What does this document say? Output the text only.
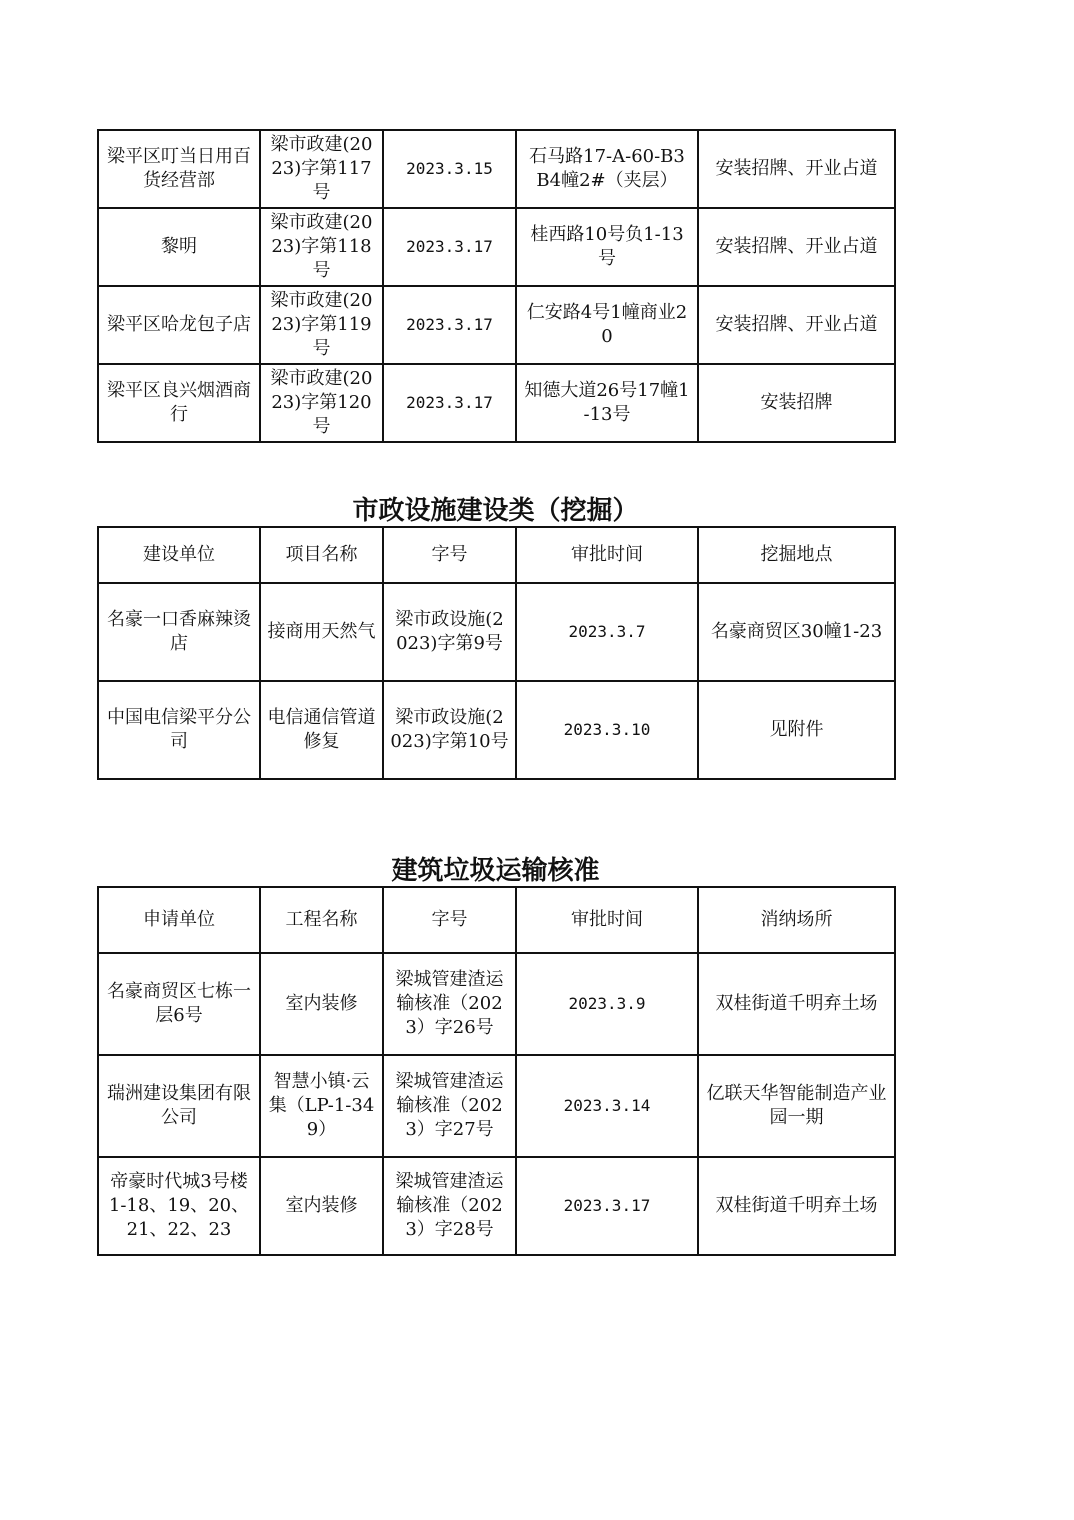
梁平区叮当日用百货经营部	梁市政建(2023)字第117号	2023.3.15	石马路17-A-60-B3B4幢2#（夹层）	安装招牌、开业占道
黎明	梁市政建(2023)字第118号	2023.3.17	桂西路10号负1-13号	安装招牌、开业占道
梁平区哈龙包子店	梁市政建(2023)字第119号	2023.3.17	仁安路4号1幢商业20	安装招牌、开业占道
梁平区良兴烟酒商行	梁市政建(2023)字第120号	2023.3.17	知德大道26号17幢1-13号	安装招牌
市政设施建设类（挖掘）
建设单位	项目名称	字号	审批时间	挖掘地点
名豪一口香麻辣烫店	接商用天然气	梁市政设施(2023)字第9号	2023.3.7	名豪商贸区30幢1-23
中国电信梁平分公司	电信通信管道修复	梁市政设施(2023)字第10号	2023.3.10	见附件
建筑垃圾运输核准
申请单位	工程名称	字号	审批时间	消纳场所
名豪商贸区七栋一层6号	室内装修	梁城管建渣运输核准（2023）字26号	2023.3.9	双桂街道千明弃土场
瑞洲建设集团有限公司	智慧小镇·云集（LP-1-349）	梁城管建渣运输核准（2023）字27号	2023.3.14	亿联天华智能制造产业园一期
帝豪时代城3号楼1-18、19、20、21、22、23	室内装修	梁城管建渣运输核准（2023）字28号	2023.3.17	双桂街道千明弃土场
